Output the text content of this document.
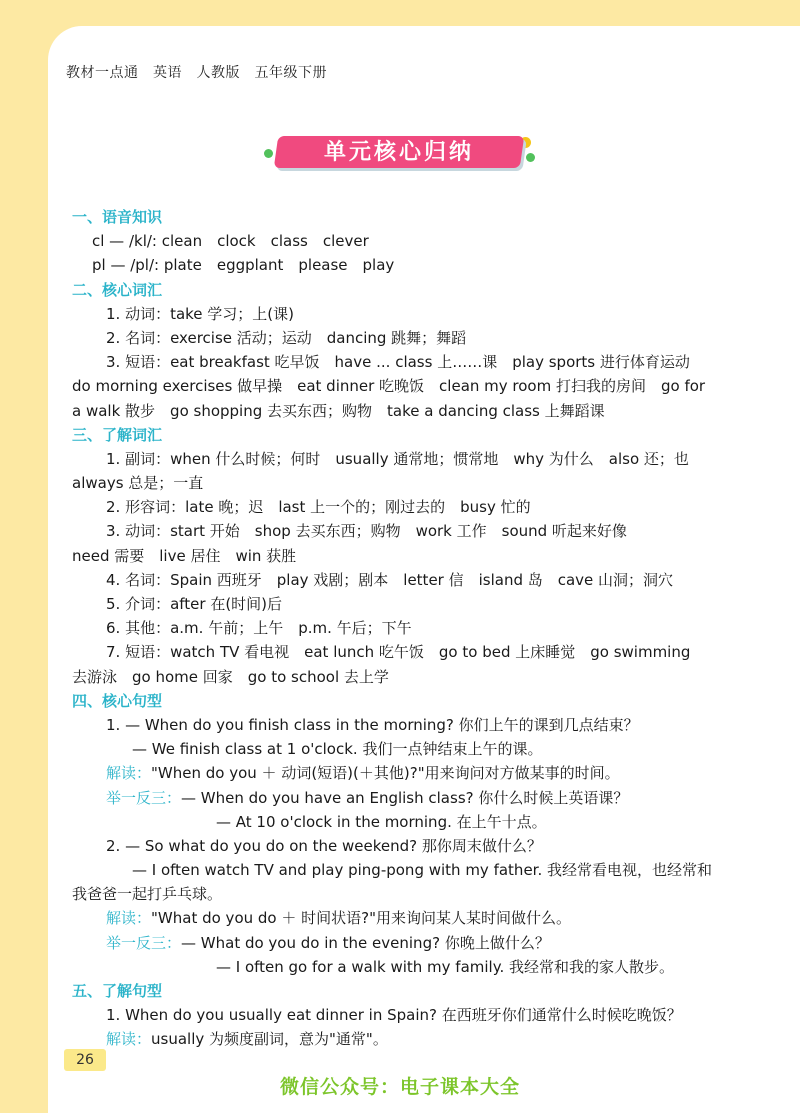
教材一点通　英语　人教版　五年级下册
单元核心归纳
一、语音知识
cl — /kl/: clean　clock　class　clever
pl — /pl/: plate　eggplant　please　play
二、核心词汇
1. 动词：take 学习；上(课)
2. 名词：exercise 活动；运动　dancing 跳舞；舞蹈
3. 短语：eat breakfast 吃早饭　have ... class 上……课　play sports 进行体育运动
do morning exercises 做早操　eat dinner 吃晚饭　clean my room 打扫我的房间　go for
a walk 散步　go shopping 去买东西；购物　take a dancing class 上舞蹈课
三、了解词汇
1. 副词：when 什么时候；何时　usually 通常地；惯常地　why 为什么　also 还；也
always 总是；一直
2. 形容词：late 晚；迟　last 上一个的；刚过去的　busy 忙的
3. 动词：start 开始　shop 去买东西；购物　work 工作　sound 听起来好像
need 需要　live 居住　win 获胜
4. 名词：Spain 西班牙　play 戏剧；剧本　letter 信　island 岛　cave 山洞；洞穴
5. 介词：after 在(时间)后
6. 其他：a.m. 午前；上午　p.m. 午后；下午
7. 短语：watch TV 看电视　eat lunch 吃午饭　go to bed 上床睡觉　go swimming
去游泳　go home 回家　go to school 去上学
四、核心句型
1. — When do you finish class in the morning? 你们上午的课到几点结束？
— We finish class at 1 o'clock. 我们一点钟结束上午的课。
解读："When do you ＋ 动词(短语)(＋其他)?"用来询问对方做某事的时间。
举一反三：— When do you have an English class? 你什么时候上英语课？
— At 10 o'clock in the morning. 在上午十点。
2. — So what do you do on the weekend? 那你周末做什么？
— I often watch TV and play ping-pong with my father. 我经常看电视，也经常和
我爸爸一起打乒乓球。
解读："What do you do ＋ 时间状语?"用来询问某人某时间做什么。
举一反三：— What do you do in the evening? 你晚上做什么？
— I often go for a walk with my family. 我经常和我的家人散步。
五、了解句型
1. When do you usually eat dinner in Spain? 在西班牙你们通常什么时候吃晚饭？
解读：usually 为频度副词，意为"通常"。
26
微信公众号：电子课本大全
